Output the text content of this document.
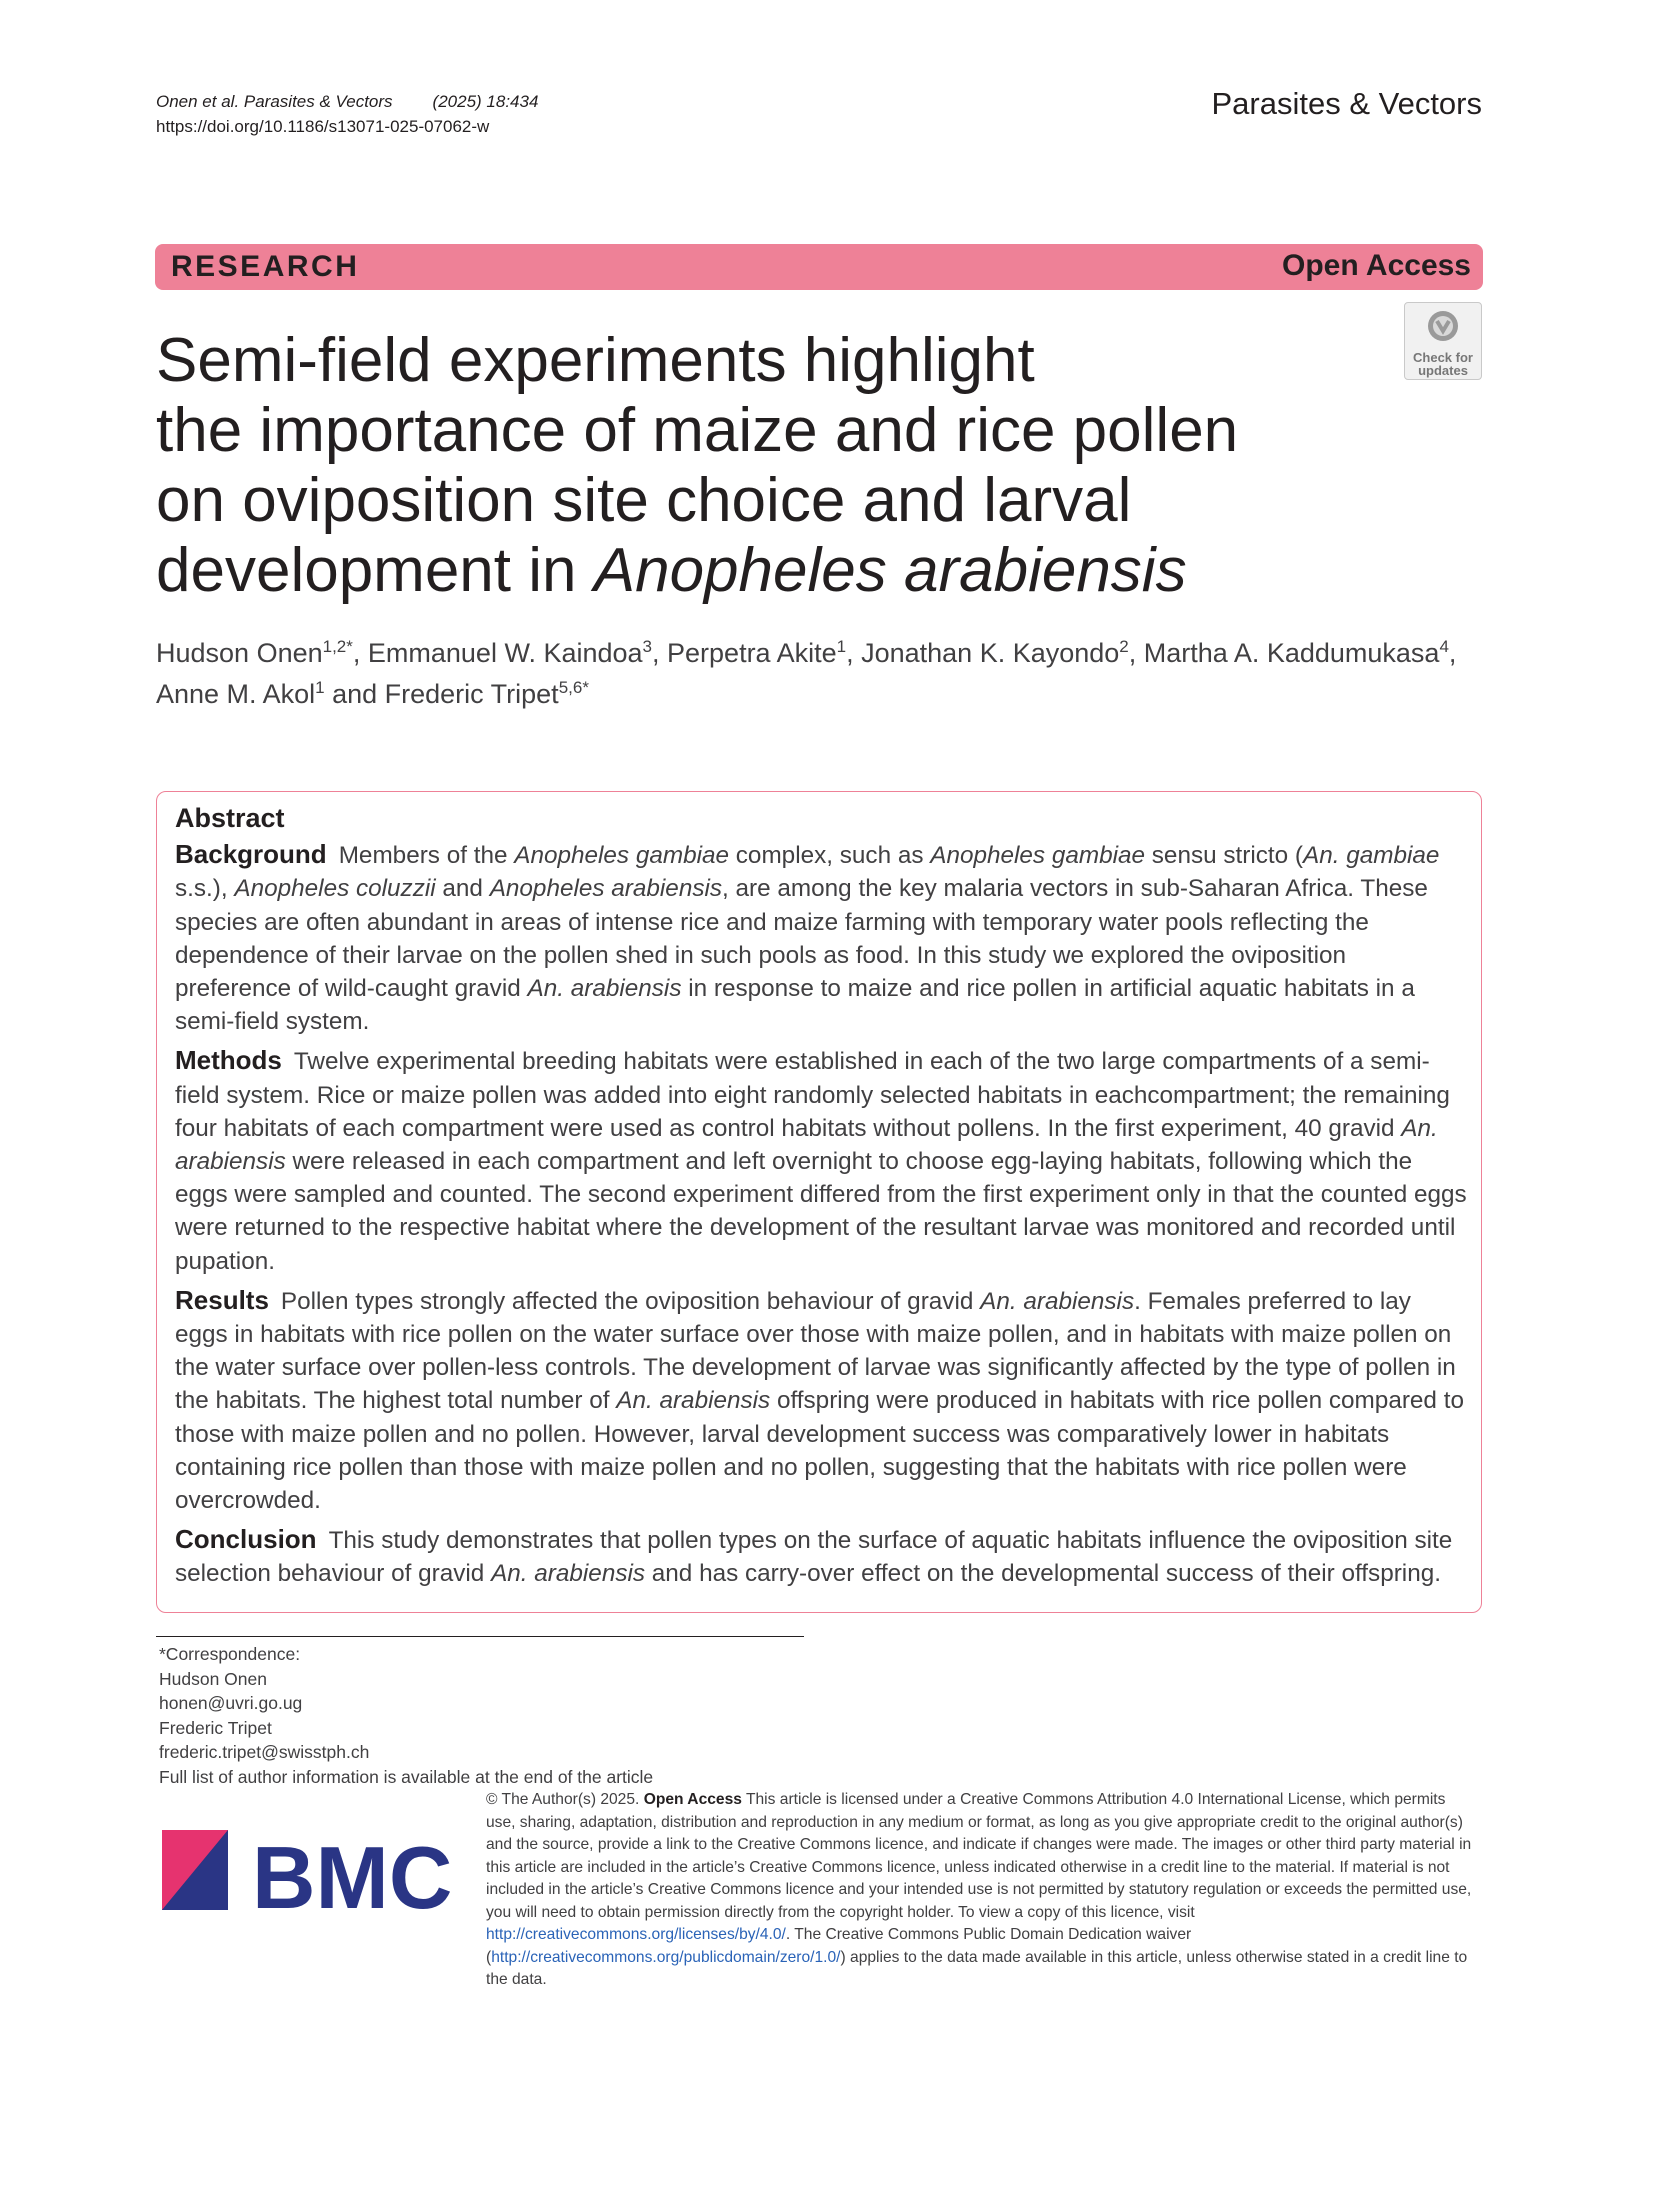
Onen et al. Parasites & Vectors (2025) 18:434
https://doi.org/10.1186/s13071-025-07062-w
Parasites & Vectors
RESEARCH	Open Access
Check for
updates
Semi-field experiments highlight
the importance of maize and rice pollen
on oviposition site choice and larval
development in Anopheles arabiensis
Hudson Onen$^{1,2*}$, Emmanuel W. Kaindoa$^3$, Perpetra Akite$^1$, Jonathan K. Kayondo$^2$, Martha A. Kaddumukasa$^4$,
Anne M. Akol$^1$ and Frederic Tripet$^{5,6*}$
Abstract

Background Members of the Anopheles gambiae complex, such as Anopheles gambiae sensu stricto (An. gambiae s.s.), Anopheles coluzzii and Anopheles arabiensis, are among the key malaria vectors in sub-Saharan Africa. These species are often abundant in areas of intense rice and maize farming with temporary water pools reflecting the dependence of their larvae on the pollen shed in such pools as food. In this study we explored the oviposition preference of wild-caught gravid An. arabiensis in response to maize and rice pollen in artificial aquatic habitats in a semi-field system.

Methods Twelve experimental breeding habitats were established in each of the two large compartments of a semi-field system. Rice or maize pollen was added into eight randomly selected habitats in eachcompartment; the remaining four habitats of each compartment were used as control habitats without pollens. In the first experiment, 40 gravid An. arabiensis were released in each compartment and left overnight to choose egg-laying habitats, following which the eggs were sampled and counted. The second experiment differed from the first experiment only in that the counted eggs were returned to the respective habitat where the development of the resultant larvae was monitored and recorded until pupation.

Results Pollen types strongly affected the oviposition behaviour of gravid An. arabiensis. Females preferred to lay eggs in habitats with rice pollen on the water surface over those with maize pollen, and in habitats with maize pollen on the water surface over pollen-less controls. The development of larvae was significantly affected by the type of pollen in the habitats. The highest total number of An. arabiensis offspring were produced in habitats with rice pollen compared to those with maize pollen and no pollen. However, larval development success was comparatively lower in habitats containing rice pollen than those with maize pollen and no pollen, suggesting that the habitats with rice pollen were overcrowded.

Conclusion This study demonstrates that pollen types on the surface of aquatic habitats influence the oviposition site selection behaviour of gravid An. arabiensis and has carry-over effect on the developmental success of their offspring.

*Correspondence:
Hudson Onen
honen@uvri.go.ug
Frederic Tripet
frederic.tripet@swisstph.ch
Full list of author information is available at the end of the article
BMC
© The Author(s) 2025. Open Access This article is licensed under a Creative Commons Attribution 4.0 International License, which permits use, sharing, adaptation, distribution and reproduction in any medium or format, as long as you give appropriate credit to the original author(s) and the source, provide a link to the Creative Commons licence, and indicate if changes were made. The images or other third party material in this article are included in the article’s Creative Commons licence, unless indicated otherwise in a credit line to the material. If material is not included in the article’s Creative Commons licence and your intended use is not permitted by statutory regulation or exceeds the permitted use, you will need to obtain permission directly from the copyright holder. To view a copy of this licence, visit http://creativecommons.org/licenses/by/4.0/. The Creative Commons Public Domain Dedication waiver (http://creativecommons.org/publicdomain/zero/1.0/) applies to the data made available in this article, unless otherwise stated in a credit line to the data.
